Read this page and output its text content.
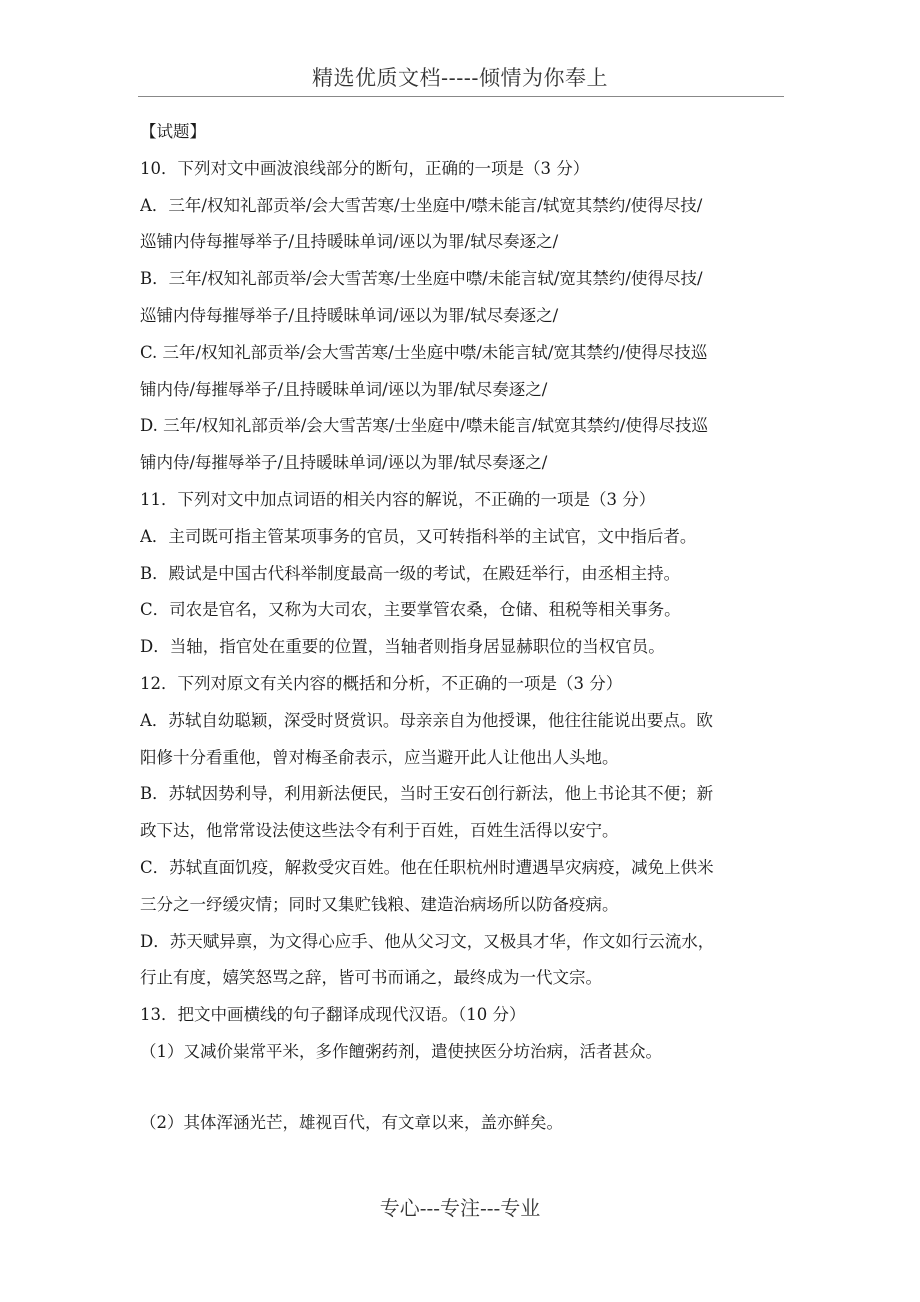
精选优质文档-----倾情为你奉上
【试题】
10．下列对文中画波浪线部分的断句，正确的一项是（3 分）
A．三年/权知礼部贡举/会大雪苦寒/士坐庭中/噤未能言/轼宽其禁约/使得尽技/
巡铺内侍每摧辱举子/且持暖昧单词/诬以为罪/轼尽奏逐之/
B．三年/权知礼部贡举/会大雪苦寒/士坐庭中噤/未能言轼/宽其禁约/使得尽技/
巡铺内侍每摧辱举子/且持暖昧单词/诬以为罪/轼尽奏逐之/
C. 三年/权知礼部贡举/会大雪苦寒/士坐庭中噤/未能言轼/宽其禁约/使得尽技巡
铺内侍/每摧辱举子/且持暖昧单词/诬以为罪/轼尽奏逐之/
D. 三年/权知礼部贡举/会大雪苦寒/士坐庭中/噤未能言/轼宽其禁约/使得尽技巡
铺内侍/每摧辱举子/且持暖昧单词/诬以为罪/轼尽奏逐之/
11．下列对文中加点词语的相关内容的解说，不正确的一项是（3 分）
A．主司既可指主管某项事务的官员，又可转指科举的主试官，文中指后者。
B．殿试是中国古代科举制度最高一级的考试，在殿廷举行，由丞相主持。
C．司农是官名，又称为大司农，主要掌管农桑，仓储、租税等相关事务。
D．当轴，指官处在重要的位置，当轴者则指身居显赫职位的当权官员。
12．下列对原文有关内容的概括和分析，不正确的一项是（3 分）
A．苏轼自幼聪颖，深受时贤赏识。母亲亲自为他授课，他往往能说出要点。欧
阳修十分看重他，曾对梅圣俞表示，应当避开此人让他出人头地。
B．苏轼因势利导，利用新法便民，当时王安石创行新法，他上书论其不便；新
政下达，他常常设法使这些法令有利于百姓，百姓生活得以安宁。
C．苏轼直面饥疫，解救受灾百姓。他在任职杭州时遭遇旱灾病疫，减免上供米
三分之一纾缓灾情；同时又集贮钱粮、建造治病场所以防备疫病。
D．苏天赋异禀，为文得心应手、他从父习文，又极具才华，作文如行云流水，
行止有度，嬉笑怒骂之辞，皆可书而诵之，最终成为一代文宗。
13．把文中画横线的句子翻译成现代汉语。（10 分）
（1）又减价粜常平米，多作饘粥药剂，遣使挟医分坊治病，活者甚众。
（2）其体浑涵光芒，雄视百代，有文章以来，盖亦鲜矣。
专心---专注---专业
